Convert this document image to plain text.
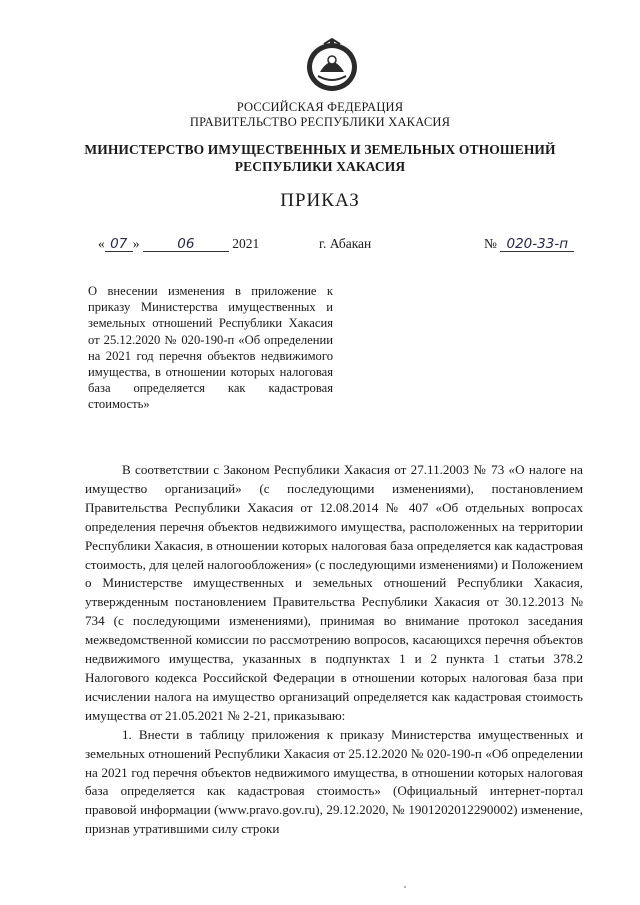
РОССИЙСКАЯ ФЕДЕРАЦИЯ
ПРАВИТЕЛЬСТВО РЕСПУБЛИКИ ХАКАСИЯ
МИНИСТЕРСТВО ИМУЩЕСТВЕННЫХ И ЗЕМЕЛЬНЫХ ОТНОШЕНИЙ
РЕСПУБЛИКИ ХАКАСИЯ
ПРИКАЗ
« 07 »	06	2021	г. Абакан	№ 020-33-п
О внесении изменения в приложение к приказу Министерства имущественных и земельных отношений Республики Хакасия от 25.12.2020 № 020-190-п «Об определении на 2021 год перечня объектов недвижимого имущества, в отношении которых налоговая база определяется как кадастровая стоимость»

В соответствии с Законом Республики Хакасия от 27.11.2003 № 73 «О налоге на имущество организаций» (с последующими изменениями), постановлением Правительства Республики Хакасия от 12.08.2014 № 407 «Об отдельных вопросах определения перечня объектов недвижимого имущества, расположенных на территории Республики Хакасия, в отношении которых налоговая база определяется как кадастровая стоимость, для целей налогообложения» (с последующими изменениями) и Положением о Министерстве имущественных и земельных отношений Республики Хакасия, утвержденным постановлением Правительства Республики Хакасия от 30.12.2013 № 734 (с последующими изменениями), принимая во внимание протокол заседания межведомственной комиссии по рассмотрению вопросов, касающихся перечня объектов недвижимого имущества, указанных в подпунктах 1 и 2 пункта 1 статьи 378.2 Налогового кодекса Российской Федерации в отношении которых налоговая база при исчислении налога на имущество организаций определяется как кадастровая стоимость имущества от 21.05.2021 № 2-21, приказываю:

1. Внести в таблицу приложения к приказу Министерства имущественных и земельных отношений Республики Хакасия от 25.12.2020 № 020-190-п «Об определении на 2021 год перечня объектов недвижимого имущества, в отношении которых налоговая база определяется как кадастровая стоимость» (Официальный интернет-портал правовой информации (www.pravo.gov.ru), 29.12.2020, № 1901202012290002) изменение, признав утратившими силу строки
